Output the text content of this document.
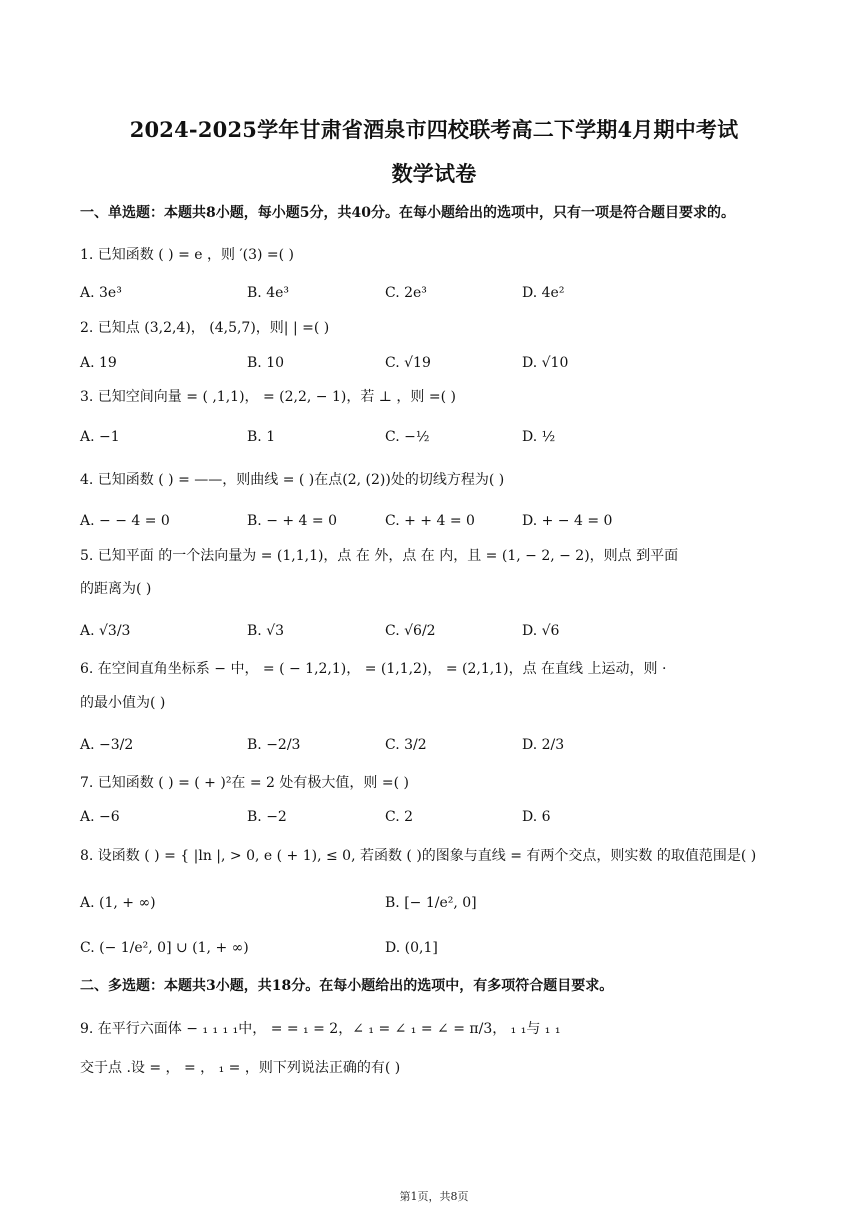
2024-2025学年甘肃省酒泉市四校联考高二下学期4月期中考试
数学试卷
一、单选题：本题共8小题，每小题5分，共40分。在每小题给出的选项中，只有一项是符合题目要求的。
1. 已知函数 ( ) = e ，则 ′(3) =( )
A. 3e³	B. 4e³	C. 2e³	D. 4e²
2. 已知点 (3,2,4)， (4,5,7)，则| | =( )
A. 19	B. 10	C. √19	D. √10
3. 已知空间向量 = ( ,1,1)， = (2,2, − 1)，若 ⊥ ，则 =( )
A. −1	B. 1	C. −½	D. ½
4. 已知函数 ( ) = ——，则曲线 = ( )在点(2, (2))处的切线方程为( )
A. − − 4 = 0	B. − + 4 = 0	C. + + 4 = 0	D. + − 4 = 0
5. 已知平面 的一个法向量为 = (1,1,1)，点 在 外，点 在 内，且 = (1, − 2, − 2)，则点 到平面
的距离为( )
A. √3/3	B. √3	C. √6/2	D. √6
6. 在空间直角坐标系 − 中， = ( − 1,2,1)， = (1,1,2)， = (2,1,1)，点 在直线 上运动，则 ·
的最小值为( )
A. −3/2	B. −2/3	C. 3/2	D. 2/3
7. 已知函数 ( ) = ( + )²在 = 2 处有极大值，则 =( )
A. −6	B. −2	C. 2	D. 6
8. 设函数 ( ) = { |ln |, > 0, e ( + 1), ≤ 0, 若函数 ( )的图象与直线 = 有两个交点，则实数 的取值范围是( )
A. (1, + ∞)	B. [− 1/e², 0]
C. (− 1/e², 0] ∪ (1, + ∞)	D. (0,1]
二、多选题：本题共3小题，共18分。在每小题给出的选项中，有多项符合题目要求。
9. 在平行六面体 − ₁ ₁ ₁ ₁中， = = ₁ = 2，∠ ₁ = ∠ ₁ = ∠ = π/3， ₁ ₁与 ₁ ₁
交于点 .设 = ， = ， ₁ = ，则下列说法正确的有( )
第1页，共8页
